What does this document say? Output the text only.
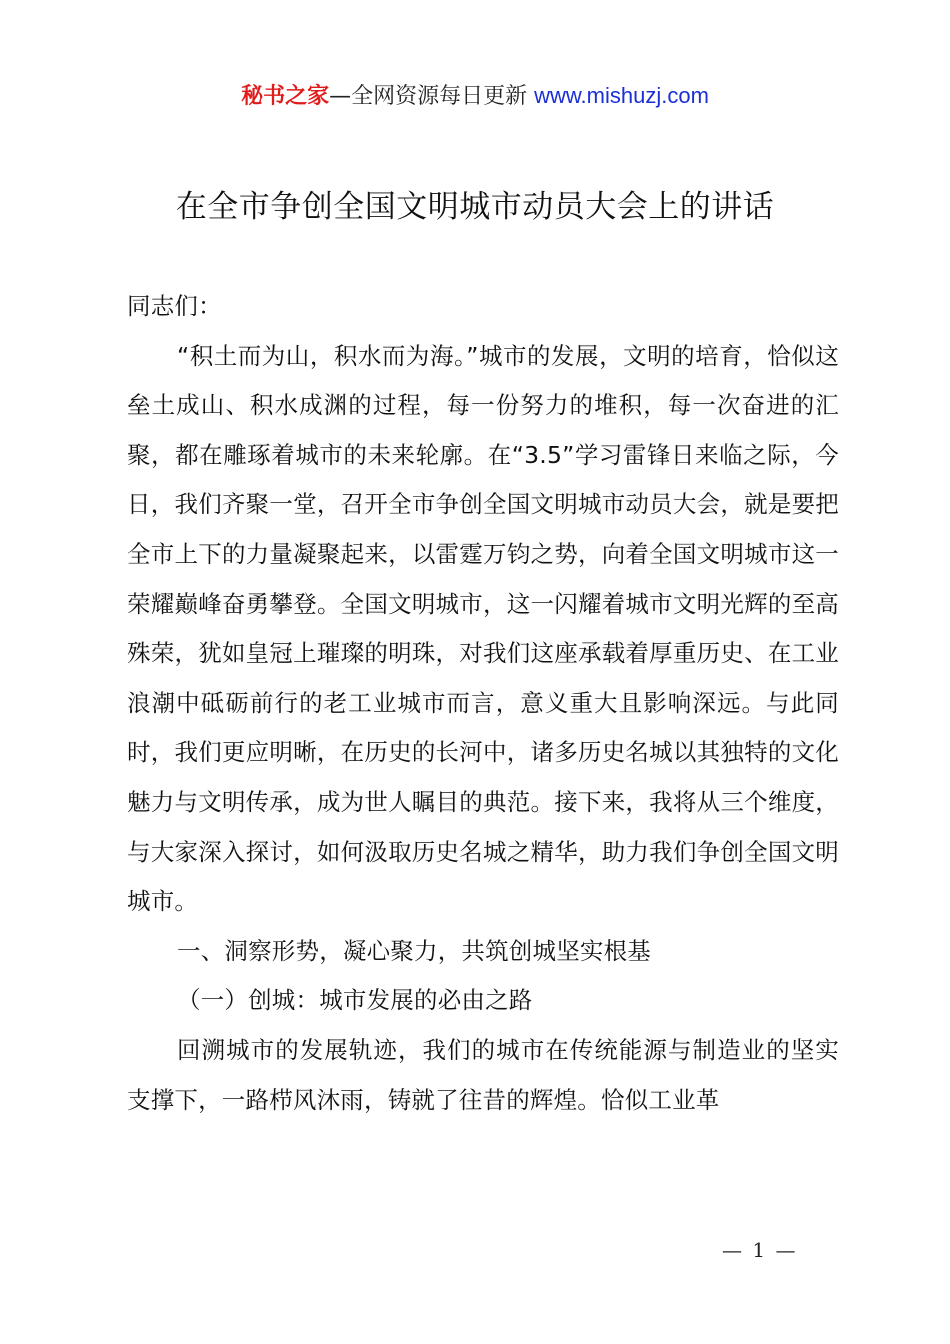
秘书之家—全网资源每日更新 www.mishuzj.com
在全市争创全国文明城市动员大会上的讲话

同志们：

“积土而为山，积水而为海。”城市的发展，文明的培育，恰似这垒土成山、积水成渊的过程，每一份努力的堆积，每一次奋进的汇聚，都在雕琢着城市的未来轮廓。在“3.5”学习雷锋日来临之际，今日，我们齐聚一堂，召开全市争创全国文明城市动员大会，就是要把全市上下的力量凝聚起来，以雷霆万钧之势，向着全国文明城市这一荣耀巅峰奋勇攀登。全国文明城市，这一闪耀着城市文明光辉的至高殊荣，犹如皇冠上璀璨的明珠，对我们这座承载着厚重历史、在工业浪潮中砥砺前行的老工业城市而言，意义重大且影响深远。与此同时，我们更应明晰，在历史的长河中，诸多历史名城以其独特的文化魅力与文明传承，成为世人瞩目的典范。接下来，我将从三个维度，与大家深入探讨，如何汲取历史名城之精华，助力我们争创全国文明城市。

一、洞察形势，凝心聚力，共筑创城坚实根基

（一）创城：城市发展的必由之路

回溯城市的发展轨迹，我们的城市在传统能源与制造业的坚实支撑下，一路栉风沐雨，铸就了往昔的辉煌。恰似工业革

— 1 —
